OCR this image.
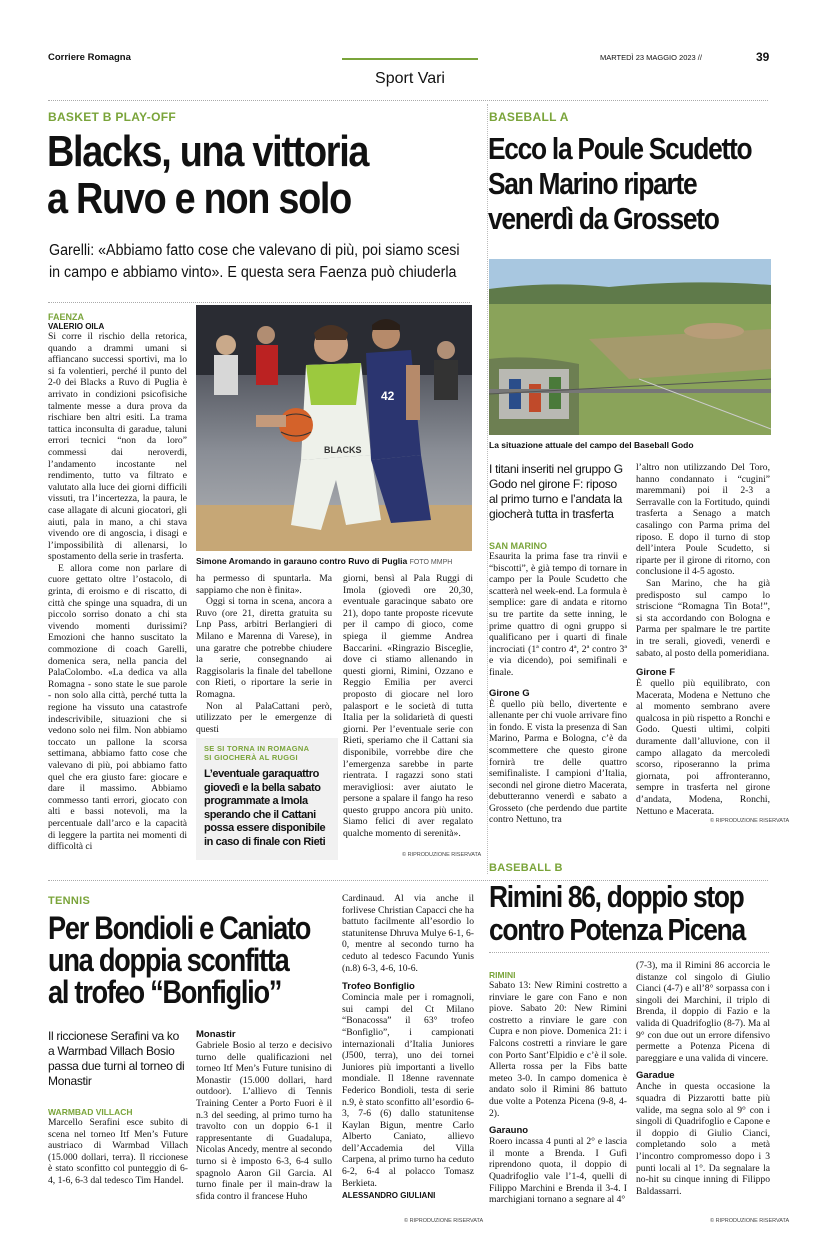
Corriere Romagna
Sport Vari
MARTEDÌ 23 MAGGIO 2023 //	39
BASKET B PLAY-OFF
Blacks, una vittoria
a Ruvo e non solo
Garelli: «Abbiamo fatto cose che valevano di più, poi siamo scesi
in campo e abbiamo vinto». E questa sera Faenza può chiuderla
FAENZA
VALERIO OILA

Si corre il rischio della retorica, quando a drammi umani si affiancano successi sportivi, ma lo si fa volentieri, perché il punto del 2-0 dei Blacks a Ruvo di Puglia è arrivato in condizioni psicofisiche talmente messe a dura prova da rischiare ben altri esiti. La trama tattica inconsulta di garadue, taluni errori tecnici “non da loro” commessi dai neroverdi, l’andamento incostante nel rendimento, tutto va filtrato e valutato alla luce dei giorni difficili vissuti, tra l’incertezza, la paura, le case allagate di alcuni giocatori, gli aiuti, pala in mano, a chi stava vivendo ore di angoscia, i disagi e l’impossibilità di allenarsi, lo spostamento della serie in trasferta.

E allora come non parlare di cuore gettato oltre l’ostacolo, di grinta, di eroismo e di riscatto, di città che spinge una squadra, di un piccolo sorriso donato a chi sta vivendo momenti durissimi? Emozioni che hanno suscitato la commozione di coach Garelli, domenica sera, nella pancia del PalaColombo. «La dedica va alla Romagna - sono state le sue parole - non solo alla città, perché tutta la regione ha vissuto una catastrofe indescrivibile, situazioni che si vedono solo nei film. Non abbiamo toccato un pallone la scorsa settimana, abbiamo fatto cose che valevano di più, poi abbiamo fatto quel che era giusto fare: giocare e dare il massimo. Abbiamo commesso tanti errori, giocato con alti e bassi notevoli, ma la percentuale dall’arco e la capacità di leggere la partita nei momenti di difficoltà ci

42
BLACKS
Simone Aromando in garauno contro Ruvo di Puglia FOTO MMPH

ha permesso di spuntarla. Ma sappiamo che non è finita».

Oggi si torna in scena, ancora a Ruvo (ore 21, diretta gratuita su Lnp Pass, arbitri Berlangieri di Milano e Marenna di Varese), in una garatre che potrebbe chiudere la serie, consegnando ai Raggisolaris la finale del tabellone con Rieti, o riportare la serie in Romagna.

Non al PalaCattani però, utilizzato per le emergenze di questi

SE SI TORNA IN ROMAGNA
SI GIOCHERÀ AL RUGGI
L’eventuale garaquattro giovedì e la bella sabato programmate a Imola sperando che il Cattani possa essere disponibile in caso di finale con Rieti

giorni, bensì al Pala Ruggi di Imola (giovedì ore 20,30, eventuale garacinque sabato ore 21), dopo tante proposte ricevute per il campo di gioco, come spiega il giemme Andrea Baccarini. «Ringrazio Bisceglie, dove ci stiamo allenando in questi giorni, Rimini, Ozzano e Reggio Emilia per averci proposto di giocare nel loro palasport e le società di tutta Italia per la solidarietà di questi giorni. Per l’eventuale serie con Rieti, speriamo che il Cattani sia disponibile, vorrebbe dire che l’emergenza sarebbe in parte rientrata. I ragazzi sono stati meravigliosi: aver aiutato le persone a spalare il fango ha reso questo gruppo ancora più unito. Siamo felici di aver regalato qualche momento di serenità».

© RIPRODUZIONE RISERVATA
BASEBALL A
Ecco la Poule Scudetto
San Marino riparte
venerdì da Grosseto
La situazione attuale del campo del Baseball Godo
I titani inseriti nel gruppo G Godo nel girone F: riposo al primo turno e l’andata la giocherà tutta in trasferta
SAN MARINO

Esaurita la prima fase tra rinvii e “biscotti”, è già tempo di tornare in campo per la Poule Scudetto che scatterà nel week-end. La formula è semplice: gare di andata e ritorno su tre partite da sette inning, le prime quattro di ogni gruppo si qualificano per i quarti di finale incrociati (1ª contro 4ª, 2ª contro 3ª e via dicendo), poi semifinali e finale.

Girone G

È quello più bello, divertente e allenante per chi vuole arrivare fino in fondo. E vista la presenza di San Marino, Parma e Bologna, c’è da scommettere che questo girone fornirà tre delle quattro semifinaliste. I campioni d’Italia, secondi nel girone dietro Macerata, debutteranno venerdì e sabato a Grosseto (che perdendo due partite contro Nettuno, tra

l’altro non utilizzando Del Toro, hanno condannato i “cugini” maremmani) poi il 2-3 a Serravalle con la Fortitudo, quindi trasferta a Senago a match casalingo con Parma prima del riposo. E dopo il turno di stop dell’intera Poule Scudetto, si riparte per il girone di ritorno, con conclusione il 4-5 agosto.

San Marino, che ha già predisposto sul campo lo striscione “Romagna Tin Bota!”, si sta accordando con Bologna e Parma per spalmare le tre partite in tre serali, giovedì, venerdì e sabato, al posto della pomeridiana.

Girone F

È quello più equilibrato, con Macerata, Modena e Nettuno che al momento sembrano avere qualcosa in più rispetto a Ronchi e Godo. Questi ultimi, colpiti duramente dall’alluvione, con il campo allagato da mercoledì scorso, riposeranno la prima giornata, poi affronteranno, sempre in trasferta nel girone d’andata, Modena, Ronchi, Nettuno e Macerata.

© RIPRODUZIONE RISERVATA
TENNIS
Per Bondioli e Caniato
una doppia sconfitta
al trofeo “Bonfiglio”
Il riccionese Serafini va ko a Warmbad Villach Bosio passa due turni al torneo di Monastir
WARMBAD VILLACH

Marcello Serafini esce subito di scena nel torneo Itf Men’s Future austriaco di Warmbad Villach (15.000 dollari, terra). Il riccionese è stato sconfitto col punteggio di 6-4, 1-6, 6-3 dal tedesco Tim Handel.

Monastir

Gabriele Bosio al terzo e decisivo turno delle qualificazioni nel torneo Itf Men’s Future tunisino di Monastir (15.000 dollari, hard outdoor). L’allievo di Tennis Training Center a Porto Fuori è il n.3 del seeding, al primo turno ha travolto con un doppio 6-1 il rappresentante di Guadalupa, Nicolas Ancedy, mentre al secondo turno si è imposto 6-3, 6-4 sullo spagnolo Aaron Gil Garcia. Al turno finale per il main-draw la sfida contro il francese Huho

Cardinaud. Al via anche il forlivese Christian Capacci che ha battuto facilmente all’esordio lo statunitense Dhruva Mulye 6-1, 6-0, mentre al secondo turno ha ceduto al tedesco Facundo Yunis (n.8) 6-3, 4-6, 10-6.

Trofeo Bonfiglio

Comincia male per i romagnoli, sui campi del Ct Milano “Bonacossa” il 63° trofeo “Bonfiglio”, i campionati internazionali d’Italia Juniores (J500, terra), uno dei tornei Juniores più importanti a livello mondiale. Il 18enne ravennate Federico Bondioli, testa di serie n.9, è stato sconfitto all’esordio 6-3, 7-6 (6) dallo statunitense Kaylan Bigun, mentre Carlo Alberto Caniato, allievo dell’Accademia del Villa Carpena, al primo turno ha ceduto 6-2, 6-4 al polacco Tomasz Berkieta.

ALESSANDRO GIULIANI
© RIPRODUZIONE RISERVATA
BASEBALL B
Rimini 86, doppio stop
contro Potenza Picena
RIMINI

Sabato 13: New Rimini costretto a rinviare le gare con Fano e non piove. Sabato 20: New Rimini costretto a rinviare le gare con Cupra e non piove. Domenica 21: i Falcons costretti a rinviare le gare con Porto Sant’Elpidio e c’è il sole. Allerta rossa per la Fibs batte meteo 3-0. In campo domenica è andato solo il Rimini 86 battuto due volte a Potenza Picena (9-8, 4-2).

Garauno

Roero incassa 4 punti al 2° e lascia il monte a Brenda. I Gufi riprendono quota, il doppio di Quadrifoglio vale l’1-4, quelli di Filippo Marchini e Brenda il 3-4. I marchigiani tornano a segnare al 4°

(7-3), ma il Rimini 86 accorcia le distanze col singolo di Giulio Cianci (4-7) e all’8° sorpassa con i singoli dei Marchini, il triplo di Brenda, il doppio di Fazio e la valida di Quadrifoglio (8-7). Ma al 9° con due out un errore difensivo permette a Potenza Picena di pareggiare e una valida di vincere.

Garadue

Anche in questa occasione la squadra di Pizzarotti batte più valide, ma segna solo al 9° con i singoli di Quadrifoglio e Capone e il doppio di Giulio Cianci, completando solo a metà l’incontro compromesso dopo i 3 punti locali al 1°. Da segnalare la no-hit su cinque inning di Filippo Baldassarri.

© RIPRODUZIONE RISERVATA
